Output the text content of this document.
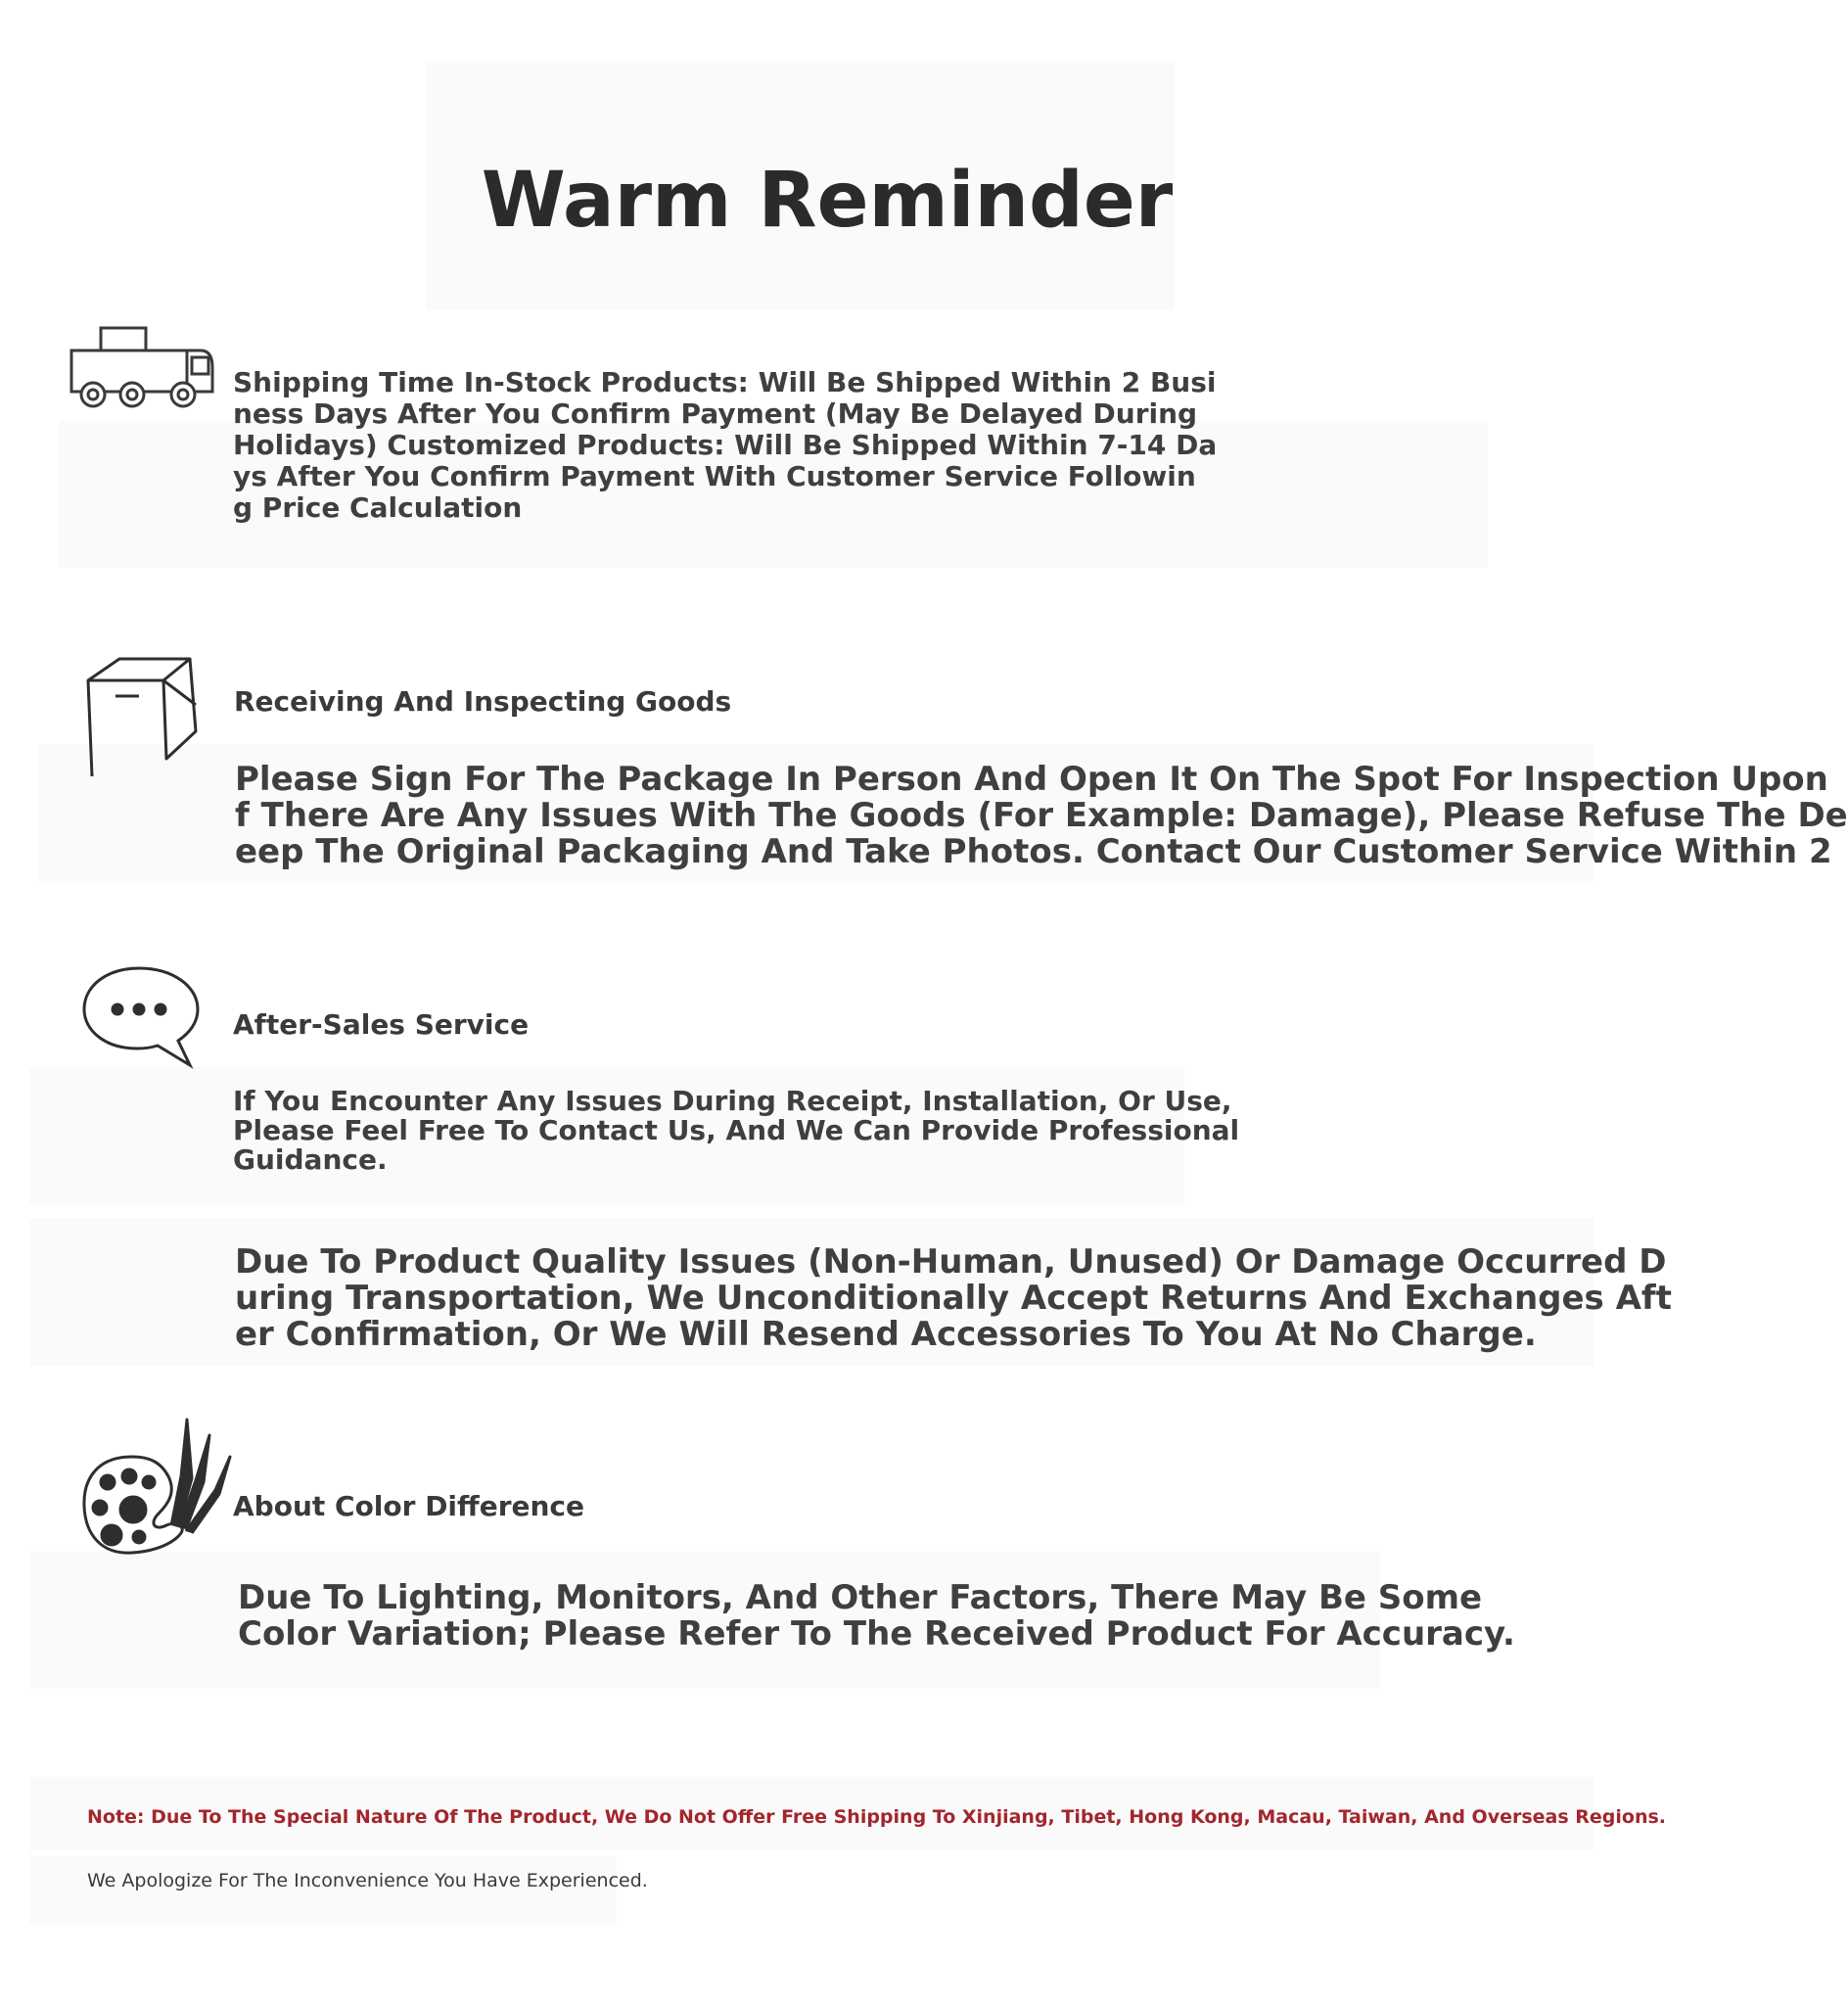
Warm Reminder
Shipping Time In-Stock Products: Will Be Shipped Within 2 Busi
ness Days After You Confirm Payment (May Be Delayed During
Holidays) Customized Products: Will Be Shipped Within 7-14 Da
ys After You Confirm Payment With Customer Service Followin
g Price Calculation
Receiving And Inspecting Goods
Please Sign For The Package In Person And Open It On The Spot For Inspection Upon
f There Are Any Issues With The Goods (For Example: Damage), Please Refuse The De
eep The Original Packaging And Take Photos. Contact Our Customer Service Within 2
After-Sales Service
If You Encounter Any Issues During Receipt, Installation, Or Use,
Please Feel Free To Contact Us, And We Can Provide Professional
Guidance.
Due To Product Quality Issues (Non-Human, Unused) Or Damage Occurred D
uring Transportation, We Unconditionally Accept Returns And Exchanges Aft
er Confirmation, Or We Will Resend Accessories To You At No Charge.
About Color Difference
Due To Lighting, Monitors, And Other Factors, There May Be Some
Color Variation; Please Refer To The Received Product For Accuracy.
Note: Due To The Special Nature Of The Product, We Do Not Offer Free Shipping To Xinjiang, Tibet, Hong Kong, Macau, Taiwan, And Overseas Regions.
We Apologize For The Inconvenience You Have Experienced.
